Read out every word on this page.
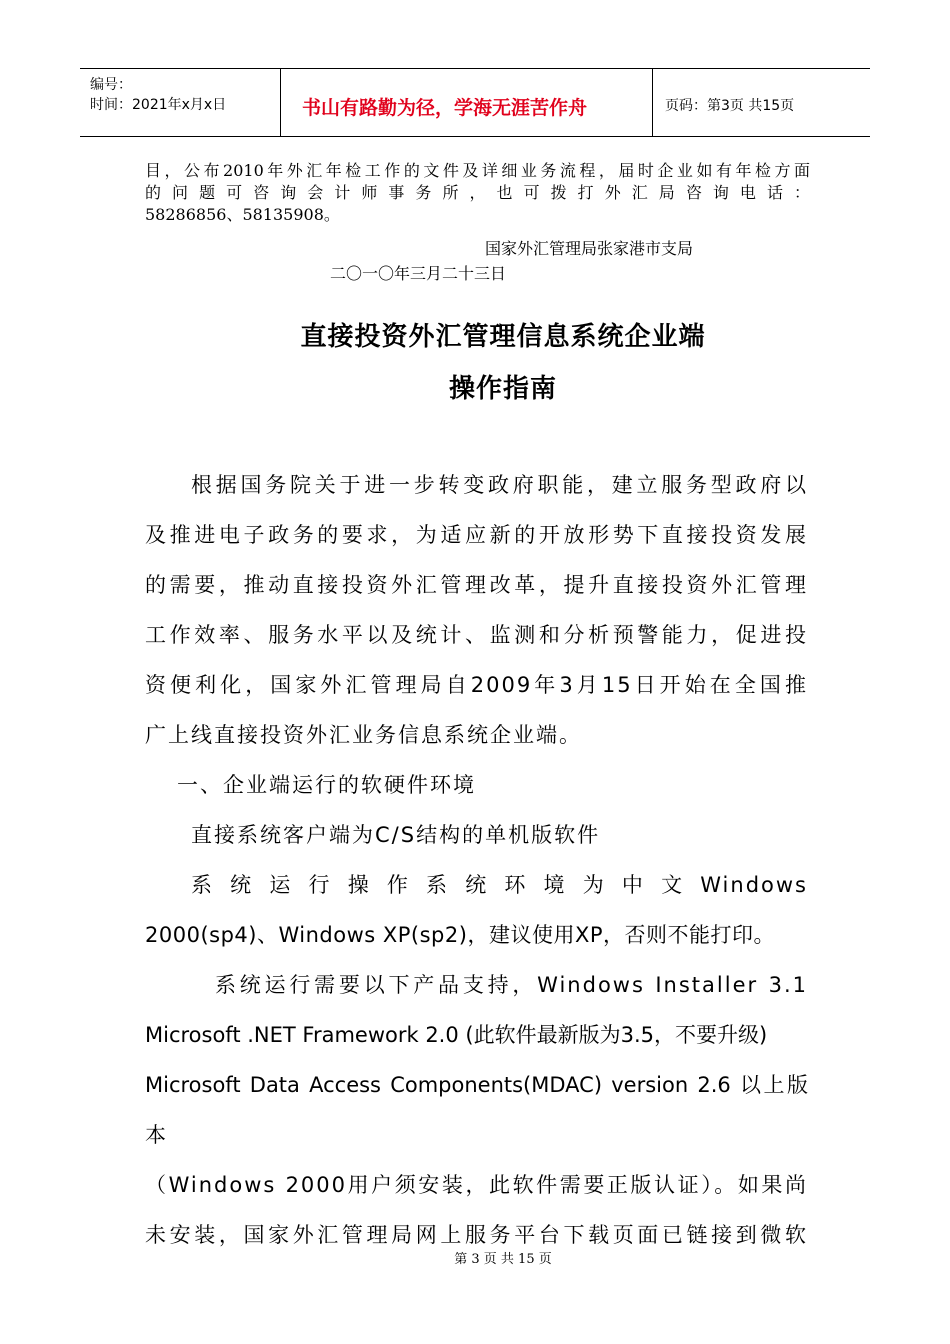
编号：
时间：2021年x月x日	书山有路勤为径，学海无涯苦作舟	页码：第3页 共15页
目，公布2010年外汇年检工作的文件及详细业务流程，届时企业如有年检方面
的问题可咨询会计师事务所，也可拨打外汇局咨询电话：
58286856、58135908。
国家外汇管理局张家港市支局
二〇一〇年三月二十三日
直接投资外汇管理信息系统企业端
操作指南
根据国务院关于进一步转变政府职能，建立服务型政府以
及推进电子政务的要求，为适应新的开放形势下直接投资发展
的需要，推动直接投资外汇管理改革，提升直接投资外汇管理
工作效率、服务水平以及统计、监测和分析预警能力，促进投
资便利化，国家外汇管理局自2009年3月15日开始在全国推
广上线直接投资外汇业务信息系统企业端。
一、企业端运行的软硬件环境
直接系统客户端为C/S结构的单机版软件
系统运行操作系统环境为中文Windows
2000(sp4)、Windows XP(sp2)，建议使用XP，否则不能打印。
系统运行需要以下产品支持，Windows Installer 3.1
Microsoft .NET Framework 2.0 (此软件最新版为3.5，不要升级)
Microsoft Data Access Components(MDAC) version 2.6 以上版本
（Windows 2000用户须安装，此软件需要正版认证）。如果尚
未安装，国家外汇管理局网上服务平台下载页面已链接到微软
第 3 页 共 15 页
